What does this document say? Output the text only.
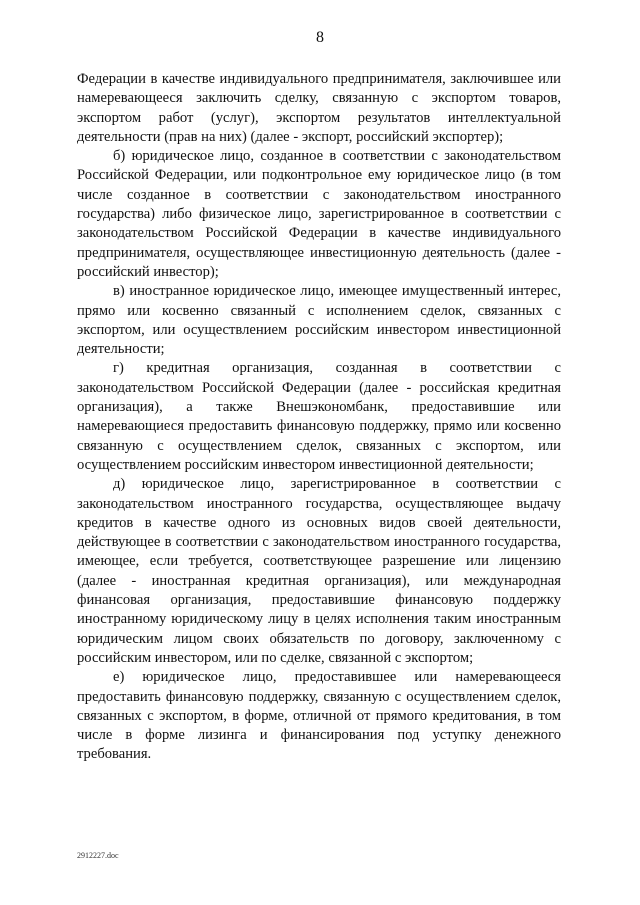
8

Федерации в качестве индивидуального предпринимателя, заключившее или намеревающееся заключить сделку, связанную с экспортом товаров, экспортом работ (услуг), экспортом результатов интеллектуальной деятельности (прав на них) (далее - экспорт, российский экспортер);

б) юридическое лицо, созданное в соответствии с законодательством Российской Федерации, или подконтрольное ему юридическое лицо (в том числе созданное в соответствии с законодательством иностранного государства) либо физическое лицо, зарегистрированное в соответствии с законодательством Российской Федерации в качестве индивидуального предпринимателя, осуществляющее инвестиционную деятельность (далее - российский инвестор);

в) иностранное юридическое лицо, имеющее имущественный интерес, прямо или косвенно связанный с исполнением сделок, связанных с экспортом, или осуществлением российским инвестором инвестиционной деятельности;

г) кредитная организация, созданная в соответствии с законодательством Российской Федерации (далее - российская кредитная организация), а также Внешэкономбанк, предоставившие или намеревающиеся предоставить финансовую поддержку, прямо или косвенно связанную с осуществлением сделок, связанных с экспортом, или осуществлением российским инвестором инвестиционной деятельности;

д) юридическое лицо, зарегистрированное в соответствии с законодательством иностранного государства, осуществляющее выдачу кредитов в качестве одного из основных видов своей деятельности, действующее в соответствии с законодательством иностранного государства, имеющее, если требуется, соответствующее разрешение или лицензию (далее - иностранная кредитная организация), или международная финансовая организация, предоставившие финансовую поддержку иностранному юридическому лицу в целях исполнения таким иностранным юридическим лицом своих обязательств по договору, заключенному с российским инвестором, или по сделке, связанной с экспортом;

е) юридическое лицо, предоставившее или намеревающееся предоставить финансовую поддержку, связанную с осуществлением сделок, связанных с экспортом, в форме, отличной от прямого кредитования, в том числе в форме лизинга и финансирования под уступку денежного требования.

2912227.doc
